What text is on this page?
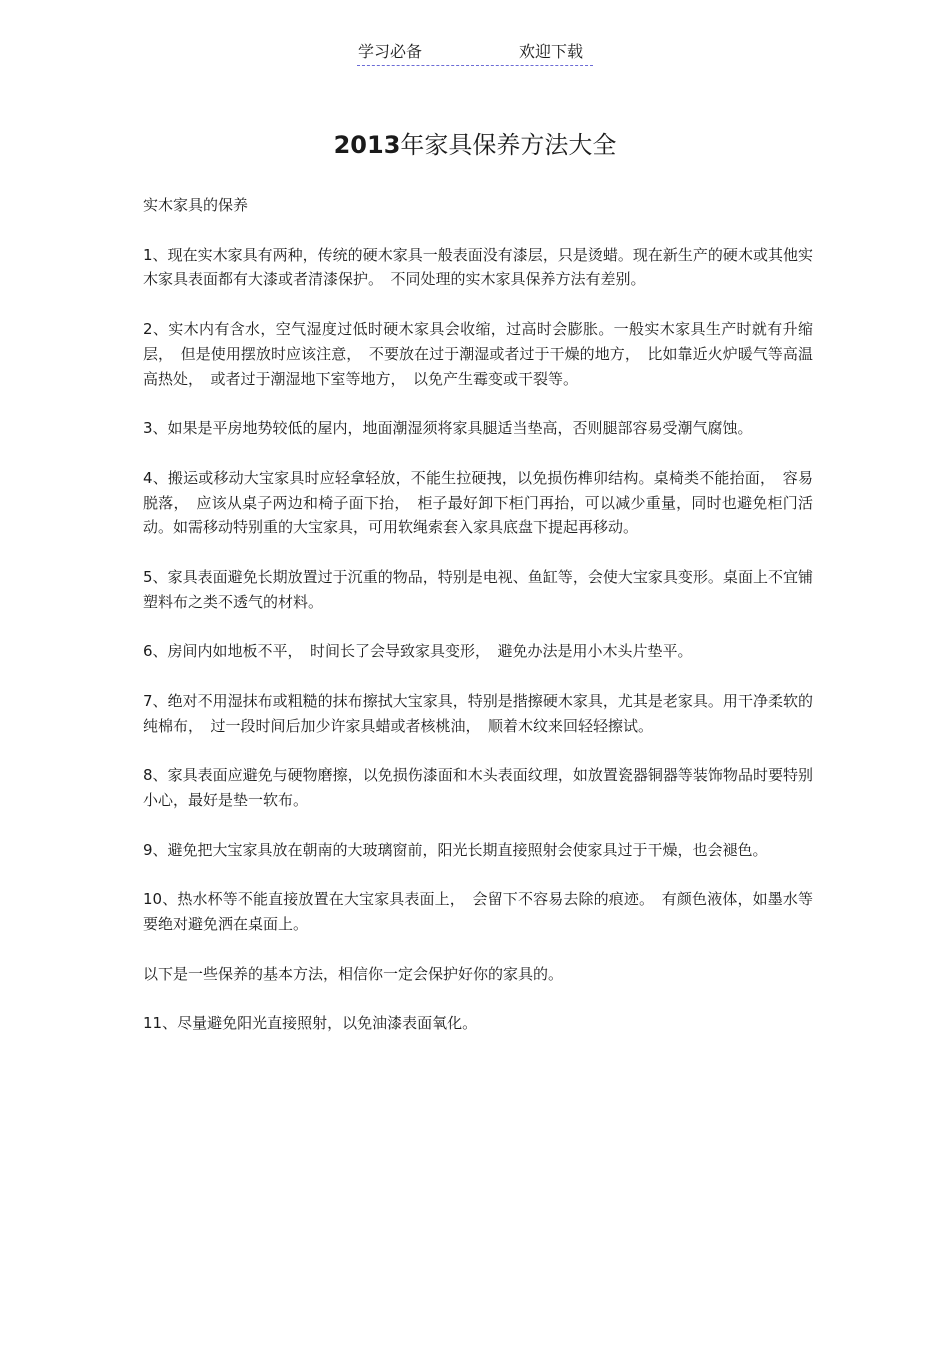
学习必备	欢迎下载
2013年家具保养方法大全

实木家具的保养

1、现在实木家具有两种，传统的硬木家具一般表面没有漆层，只是烫蜡。现在新生产的硬木或其他实木家具表面都有大漆或者清漆保护。　不同处理的实木家具保养方法有差别。

2、实木内有含水，空气湿度过低时硬木家具会收缩，过高时会膨胀。一般实木家具生产时就有升缩层，　但是使用摆放时应该注意，　不要放在过于潮湿或者过于干燥的地方，　比如靠近火炉暖气等高温高热处，　或者过于潮湿地下室等地方，　以免产生霉变或干裂等。

3、如果是平房地势较低的屋内，地面潮湿须将家具腿适当垫高，否则腿部容易受潮气腐蚀。

4、搬运或移动大宝家具时应轻拿轻放，不能生拉硬拽，以免损伤榫卯结构。桌椅类不能抬面，　容易脱落，　应该从桌子两边和椅子面下抬，　柜子最好卸下柜门再抬，可以减少重量，同时也避免柜门活动。如需移动特别重的大宝家具，可用软绳索套入家具底盘下提起再移动。

5、家具表面避免长期放置过于沉重的物品，特别是电视、鱼缸等，会使大宝家具变形。桌面上不宜铺塑料布之类不透气的材料。

6、房间内如地板不平，　时间长了会导致家具变形，　避免办法是用小木头片垫平。

7、绝对不用湿抹布或粗糙的抹布擦拭大宝家具，特别是揩擦硬木家具，尤其是老家具。用干净柔软的纯棉布，　过一段时间后加少许家具蜡或者核桃油，　顺着木纹来回轻轻擦试。

8、家具表面应避免与硬物磨擦，以免损伤漆面和木头表面纹理，如放置瓷器铜器等装饰物品时要特别小心，最好是垫一软布。

9、避免把大宝家具放在朝南的大玻璃窗前，阳光长期直接照射会使家具过于干燥，也会褪色。

10、热水杯等不能直接放置在大宝家具表面上，　会留下不容易去除的痕迹。　有颜色液体，如墨水等要绝对避免洒在桌面上。

以下是一些保养的基本方法，相信你一定会保护好你的家具的。

11、尽量避免阳光直接照射，以免油漆表面氧化。
